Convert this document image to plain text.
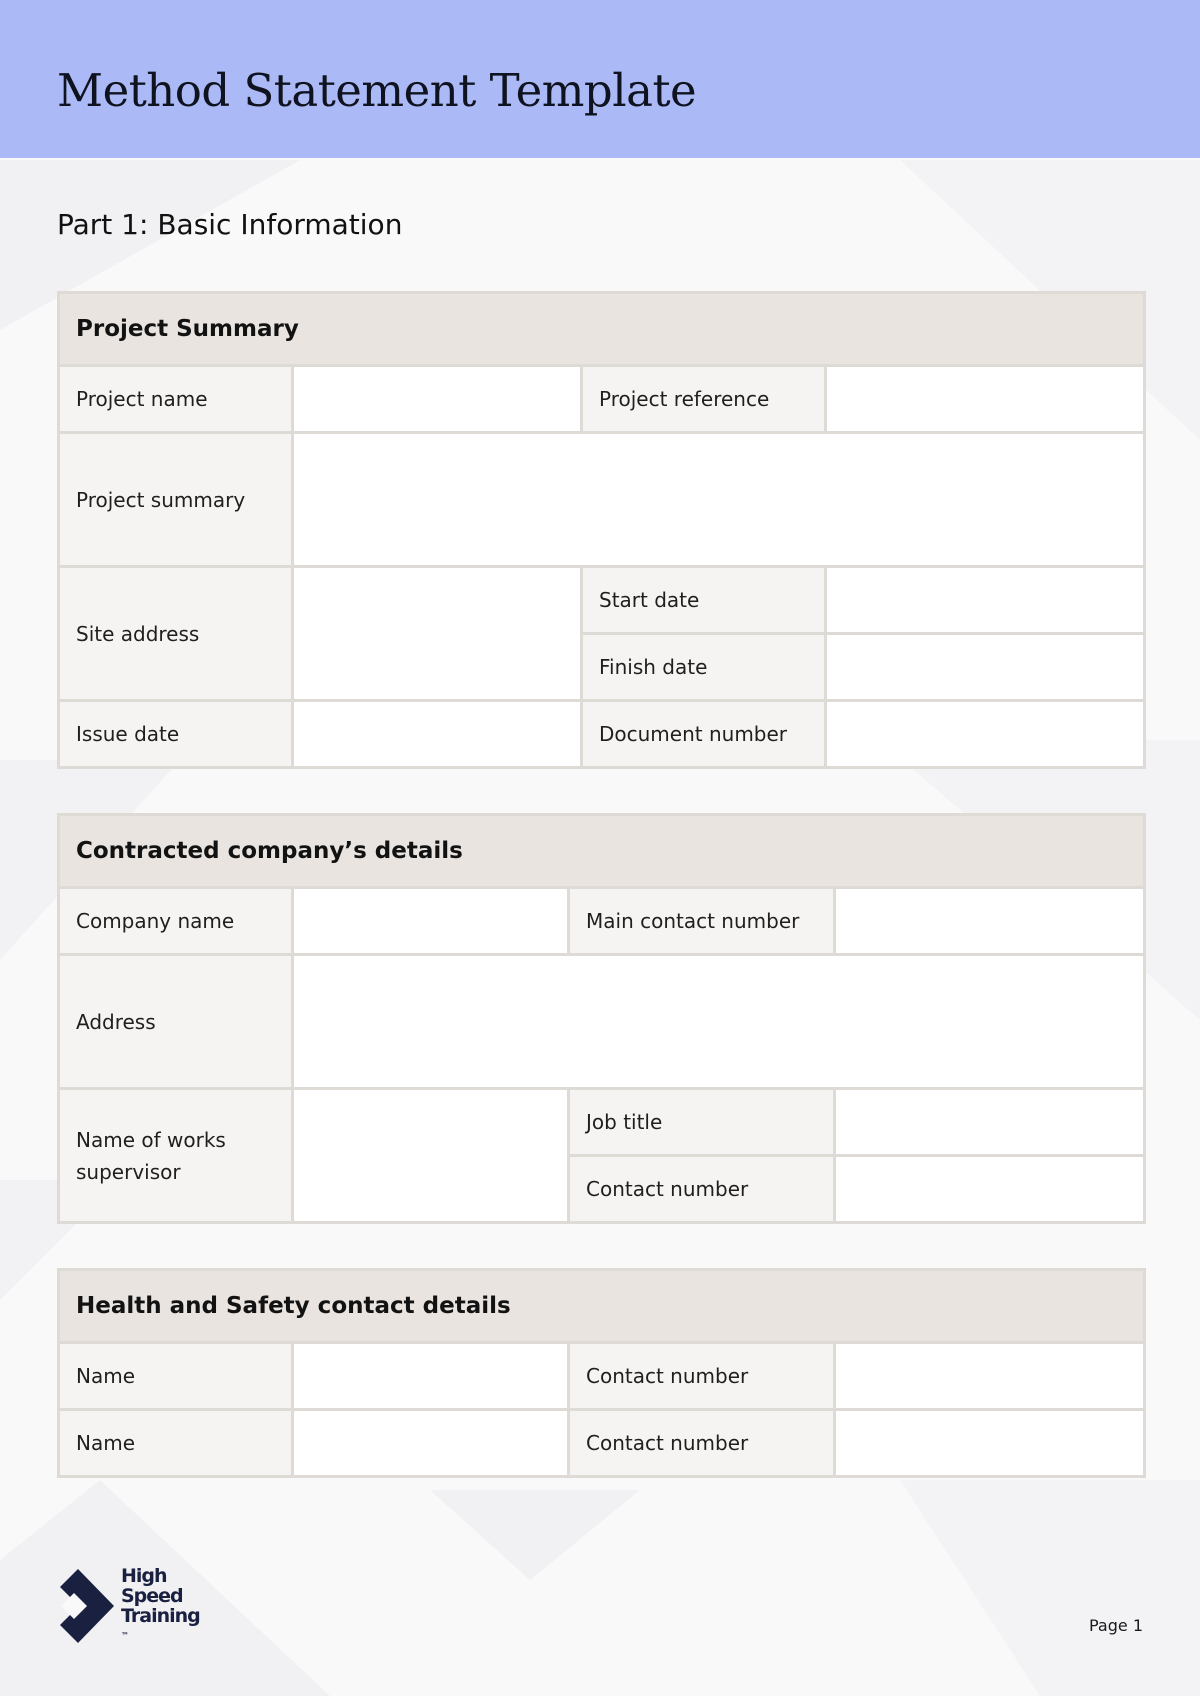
Method Statement Template
Part 1: Basic Information
Project Summary			
Project name		Project reference	
Project summary			
Site address		Start date	
		Finish date	
Issue date		Document number	
Contracted company’s details			
Company name		Main contact number	
Address			

Name of works
supervisor		Job title	
		Contact number	
Health and Safety contact details			
Name		Contact number	
Name		Contact number	
High
Speed
Training
™
Page 1
